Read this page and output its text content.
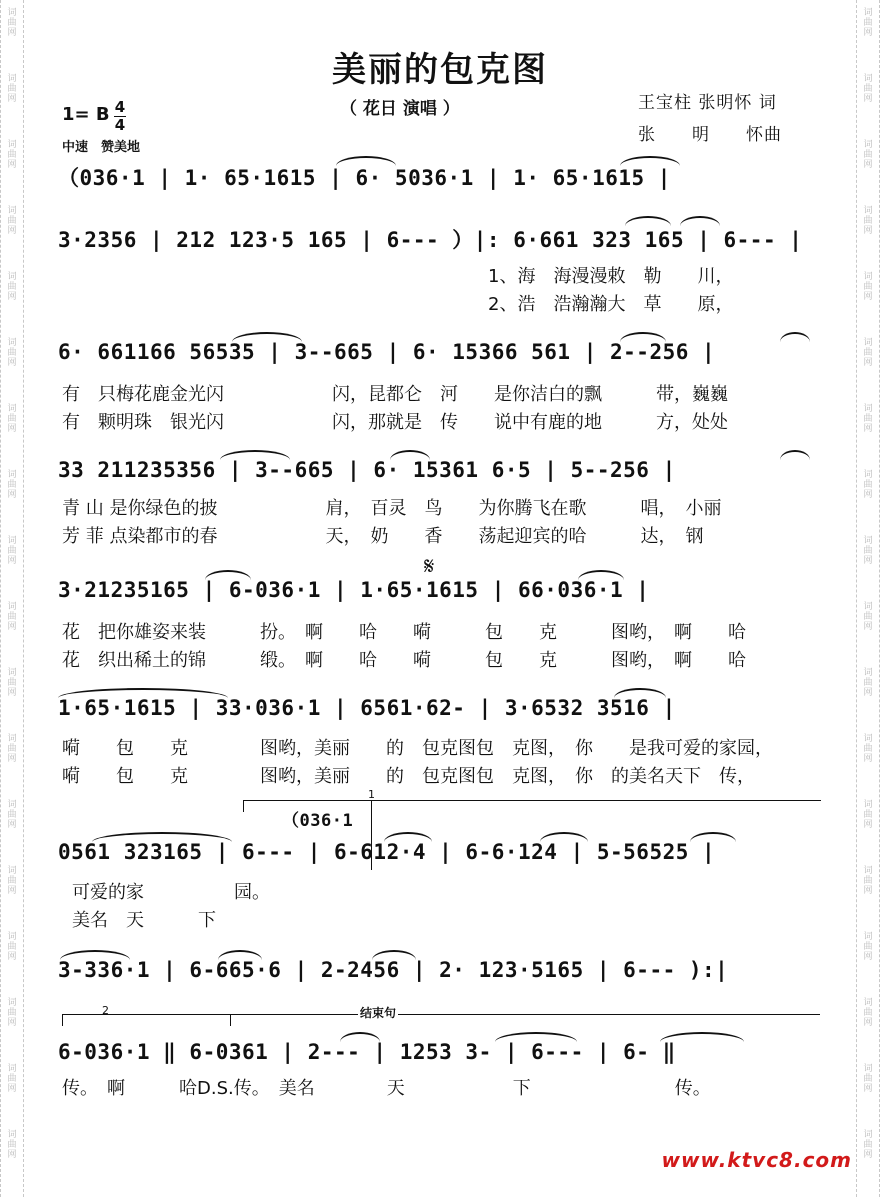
词
曲
网
词
曲
网
词
曲
网
词
曲
网
词
曲
网
词
曲
网
词
曲
网
词
曲
网
词
曲
网
词
曲
网
词
曲
网
词
曲
网
词
曲
网
词
曲
网
词
曲
网
词
曲
网
词
曲
网
词
曲
网
词
曲
网
词
曲
网
词
曲
网
词
曲
网
词
曲
网
词
曲
网
词
曲
网
词
曲
网
词
曲
网
词
曲
网
词
曲
网
词
曲
网
词
曲
网
词
曲
网
词
曲
网
词
曲
网
词
曲
网
词
曲
网
美丽的包克图
（ 花日 演唱 ）	王宝柱 张明怀 词
张　　明　　怀曲
1= B 4
4
中速　赞美地
（036·1 | 1· 65·1615 | 6· 5036·1 | 1· 65·1615 |
3·2356 | 212 123·5 165 | 6--- ）|: 6·661 323 165 | 6--- |
1、海　海漫漫敕　勒　　川，
2、浩　浩瀚瀚大　草　　原，
6· 661166 56535 | 3--665 | 6· 15366 561 | 2--256 |
有　只梅花鹿金光闪　　　　　　闪，昆都仑　河　　是你洁白的飘　　　带，巍巍
有　颗明珠　银光闪　　　　　　闪，那就是　传　　说中有鹿的地　　　方，处处
33 211235356 | 3--665 | 6· 15361 6·5 | 5--256 |
青 山 是你绿色的披　　　　　　肩，　百灵　鸟　　为你腾飞在歌　　　唱，　小丽
芳 菲 点染都市的春　　　　　　天，　奶　　香　　荡起迎宾的哈　　　达，　钢
3·21235165 | 6-036·1 | 1·65·1615 | 66·036·1 |
𝄋
花　把你雄姿来装　　　扮。　啊　　哈　　嗬　　　包　　克　　　图哟，　啊　　哈
花　织出稀土的锦　　　缎。　啊　　哈　　嗬　　　包　　克　　　图哟，　啊　　哈
1·65·1615 | 33·036·1 | 6561·62- | 3·6532 3516 |
嗬　　包　　克　　　　图哟，美丽　　的　包克图包　克图，　你　　是我可爱的家园，
嗬　　包　　克　　　　图哟，美丽　　的　包克图包　克图，　你　的美名天下　传，
1
（036·1
0561 323165 | 6--- | 6-612·4 | 6-6·124 | 5-56525 |
可爱的家　　　　　园。
美名　天　　　下
3-336·1 | 6-665·6 | 2-2456 | 2· 123·5165 | 6--- ):|
2	结束句
6-036·1 ‖ 6-0361 | 2--- | 1253 3- | 6--- | 6- ‖
传。　啊　　　哈D.S.传。　美名　　　　天　　　　　　下　　　　　　　　传。
www.ktvc8.com
